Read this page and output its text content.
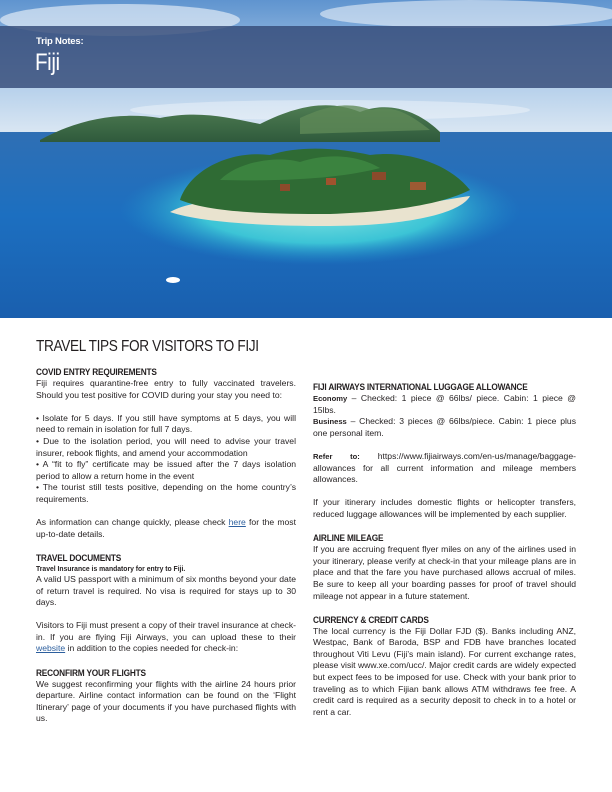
Trip Notes:
Fiji
TRAVEL TIPS FOR VISITORS TO FIJI
COVID ENTRY REQUIREMENTS

Fiji requires quarantine-free entry to fully vaccinated travelers. Should you test positive for COVID during your stay you need to:

• Isolate for 5 days. If you still have symptoms at 5 days, you will need to remain in isolation for full 7 days.

• Due to the isolation period, you will need to advise your travel insurer, rebook flights, and amend your accommodation

• A “fit to fly” certificate may be issued after the 7 days isolation period to allow a return home in the event

• The tourist still tests positive, depending on the home country’s requirements.

As information can change quickly, please check here for the most up-to-date details.

TRAVEL DOCUMENTS
Travel Insurance is mandatory for entry to Fiji.

A valid US passport with a minimum of six months beyond your date of return travel is required. No visa is required for stays up to 30 days.

Visitors to Fiji must present a copy of their travel insurance at check-in. If you are flying Fiji Airways, you can upload these to their website in addition to the copies needed for check-in:

RECONFIRM YOUR FLIGHTS

We suggest reconfirming your flights with the airline 24 hours prior departure. Airline contact information can be found on the ‘Flight Itinerary’ page of your documents if you have purchased flights with us.

FIJI AIRWAYS INTERNATIONAL LUGGAGE ALLOWANCE

Economy – Checked: 1 piece @ 66lbs/ piece. Cabin: 1 piece @ 15lbs.

Business – Checked: 3 pieces @ 66lbs/piece. Cabin: 1 piece plus one personal item.

Refer to: https://www.fijiairways.com/en-us/manage/baggage-allowances for all current information and mileage members allowances.

If your itinerary includes domestic flights or helicopter transfers, reduced luggage allowances will be implemented by each supplier.

AIRLINE MILEAGE

If you are accruing frequent flyer miles on any of the airlines used in your itinerary, please verify at check-in that your mileage plans are in place and that the fare you have purchased allows accrual of miles. Be sure to keep all your boarding passes for proof of travel should mileage not appear in a future statement.

CURRENCY & CREDIT CARDS

The local currency is the Fiji Dollar FJD ($). Banks including ANZ, Westpac, Bank of Baroda, BSP and FDB have branches located throughout Viti Levu (Fiji’s main island). For current exchange rates, please visit www.xe.com/ucc/. Major credit cards are widely expected but expect fees to be imposed for use. Check with your bank prior to traveling as to which Fijian bank allows ATM withdraws fee free. A credit card is required as a security deposit to check in to a hotel or rent a car.
